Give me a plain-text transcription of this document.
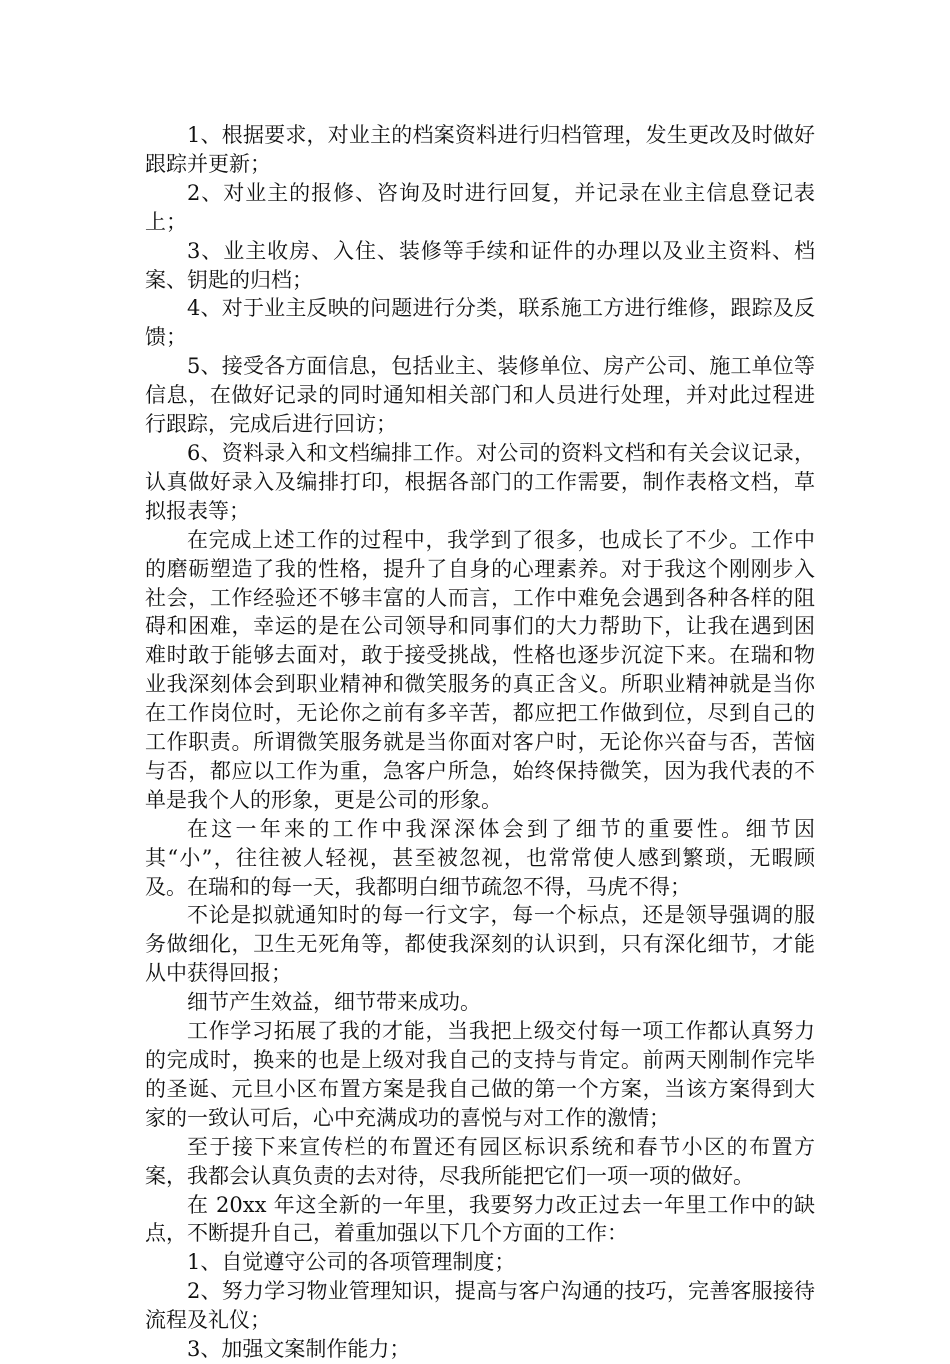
1、根据要求，对业主的档案资料进行归档管理，发生更改及时做好跟踪并更新；

2、对业主的报修、咨询及时进行回复，并记录在业主信息登记表上；

3、业主收房、入住、装修等手续和证件的办理以及业主资料、档案、钥匙的归档；

4、对于业主反映的问题进行分类，联系施工方进行维修，跟踪及反馈；

5、接受各方面信息，包括业主、装修单位、房产公司、施工单位等信息，在做好记录的同时通知相关部门和人员进行处理，并对此过程进行跟踪，完成后进行回访；

6、资料录入和文档编排工作。对公司的资料文档和有关会议记录，认真做好录入及编排打印，根据各部门的工作需要，制作表格文档，草拟报表等；

在完成上述工作的过程中，我学到了很多，也成长了不少。工作中的磨砺塑造了我的性格，提升了自身的心理素养。对于我这个刚刚步入社会，工作经验还不够丰富的人而言，工作中难免会遇到各种各样的阻碍和困难，幸运的是在公司领导和同事们的大力帮助下，让我在遇到困难时敢于能够去面对，敢于接受挑战，性格也逐步沉淀下来。在瑞和物业我深刻体会到职业精神和微笑服务的真正含义。所职业精神就是当你在工作岗位时，无论你之前有多辛苦，都应把工作做到位，尽到自己的工作职责。所谓微笑服务就是当你面对客户时，无论你兴奋与否，苦恼与否，都应以工作为重，急客户所急，始终保持微笑，因为我代表的不单是我个人的形象，更是公司的形象。

在这一年来的工作中我深深体会到了细节的重要性。细节因其“小”，往往被人轻视，甚至被忽视，也常常使人感到繁琐，无暇顾及。在瑞和的每一天，我都明白细节疏忽不得，马虎不得；

不论是拟就通知时的每一行文字，每一个标点，还是领导强调的服务做细化，卫生无死角等，都使我深刻的认识到，只有深化细节，才能从中获得回报；

细节产生效益，细节带来成功。

工作学习拓展了我的才能，当我把上级交付每一项工作都认真努力的完成时，换来的也是上级对我自己的支持与肯定。前两天刚制作完毕的圣诞、元旦小区布置方案是我自己做的第一个方案，当该方案得到大家的一致认可后，心中充满成功的喜悦与对工作的激情；

至于接下来宣传栏的布置还有园区标识系统和春节小区的布置方案，我都会认真负责的去对待，尽我所能把它们一项一项的做好。

在 20xx 年这全新的一年里，我要努力改正过去一年里工作中的缺点，不断提升自己，着重加强以下几个方面的工作：

1、自觉遵守公司的各项管理制度；

2、努力学习物业管理知识，提高与客户沟通的技巧，完善客服接待流程及礼仪；

3、加强文案制作能力；
